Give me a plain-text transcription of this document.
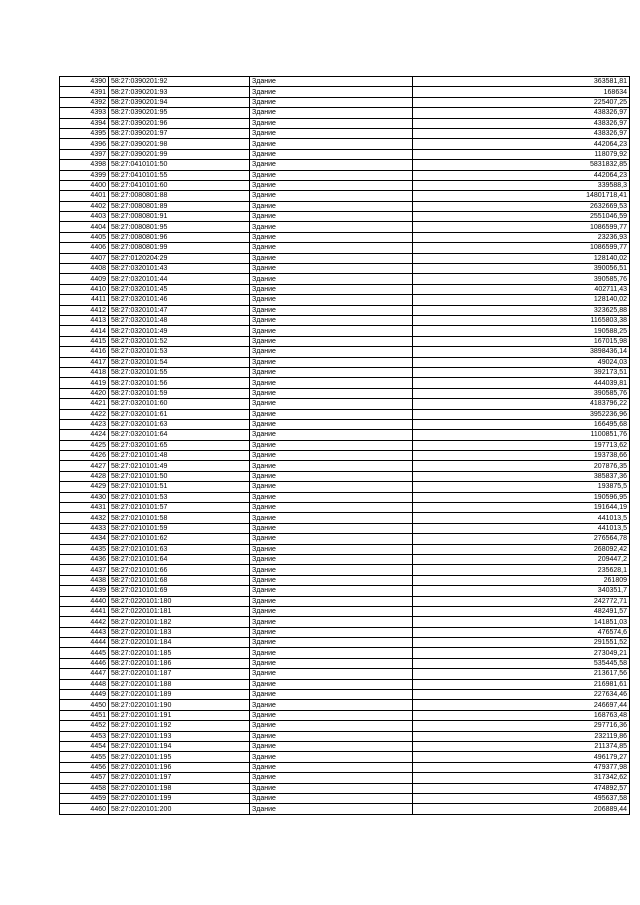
4390	58:27:0390201:92	Здание	363581,81
4391	58:27:0390201:93	Здание	168634
4392	58:27:0390201:94	Здание	225407,25
4393	58:27:0390201:95	Здание	438326,97
4394	58:27:0390201:96	Здание	438326,97
4395	58:27:0390201:97	Здание	438326,97
4396	58:27:0390201:98	Здание	442064,23
4397	58:27:0390201:99	Здание	118079,92
4398	58:27:0410101:50	Здание	5831832,85
4399	58:27:0410101:55	Здание	442064,23
4400	58:27:0410101:60	Здание	339588,3
4401	58:27:0080801:88	Здание	14801718,41
4402	58:27:0080801:89	Здание	2632669,53
4403	58:27:0080801:91	Здание	2551046,59
4404	58:27:0080801:95	Здание	1086599,77
4405	58:27:0080801:96	Здание	23236,93
4406	58:27:0080801:99	Здание	1086599,77
4407	58:27:0120204:29	Здание	128140,02
4408	58:27:0320101:43	Здание	390056,51
4409	58:27:0320101:44	Здание	390585,76
4410	58:27:0320101:45	Здание	402711,43
4411	58:27:0320101:46	Здание	128140,02
4412	58:27:0320101:47	Здание	323625,88
4413	58:27:0320101:48	Здание	1165803,38
4414	58:27:0320101:49	Здание	190588,25
4415	58:27:0320101:52	Здание	167015,98
4416	58:27:0320101:53	Здание	3898436,14
4417	58:27:0320101:54	Здание	49024,03
4418	58:27:0320101:55	Здание	392173,51
4419	58:27:0320101:56	Здание	444039,81
4420	58:27:0320101:59	Здание	390585,76
4421	58:27:0320101:60	Здание	4183796,22
4422	58:27:0320101:61	Здание	3952236,96
4423	58:27:0320101:63	Здание	166495,68
4424	58:27:0320101:64	Здание	1100851,76
4425	58:27:0320101:65	Здание	197713,62
4426	58:27:0210101:48	Здание	193738,66
4427	58:27:0210101:49	Здание	207876,35
4428	58:27:0210101:50	Здание	385837,36
4429	58:27:0210101:51	Здание	193875,5
4430	58:27:0210101:53	Здание	190596,95
4431	58:27:0210101:57	Здание	191644,19
4432	58:27:0210101:58	Здание	441013,5
4433	58:27:0210101:59	Здание	441013,5
4434	58:27:0210101:62	Здание	276564,78
4435	58:27:0210101:63	Здание	268092,42
4436	58:27:0210101:64	Здание	209447,2
4437	58:27:0210101:66	Здание	235628,1
4438	58:27:0210101:68	Здание	261809
4439	58:27:0210101:69	Здание	340351,7
4440	58:27:0220101:180	Здание	242772,71
4441	58:27:0220101:181	Здание	482491,57
4442	58:27:0220101:182	Здание	141851,03
4443	58:27:0220101:183	Здание	476574,6
4444	58:27:0220101:184	Здание	291551,52
4445	58:27:0220101:185	Здание	273049,21
4446	58:27:0220101:186	Здание	535445,58
4447	58:27:0220101:187	Здание	213617,56
4448	58:27:0220101:188	Здание	216981,61
4449	58:27:0220101:189	Здание	227634,46
4450	58:27:0220101:190	Здание	246697,44
4451	58:27:0220101:191	Здание	168763,48
4452	58:27:0220101:192	Здание	297716,36
4453	58:27:0220101:193	Здание	232119,86
4454	58:27:0220101:194	Здание	211374,85
4455	58:27:0220101:195	Здание	496179,27
4456	58:27:0220101:196	Здание	479377,98
4457	58:27:0220101:197	Здание	317342,62
4458	58:27:0220101:198	Здание	474892,57
4459	58:27:0220101:199	Здание	495637,58
4460	58:27:0220101:200	Здание	206889,44
